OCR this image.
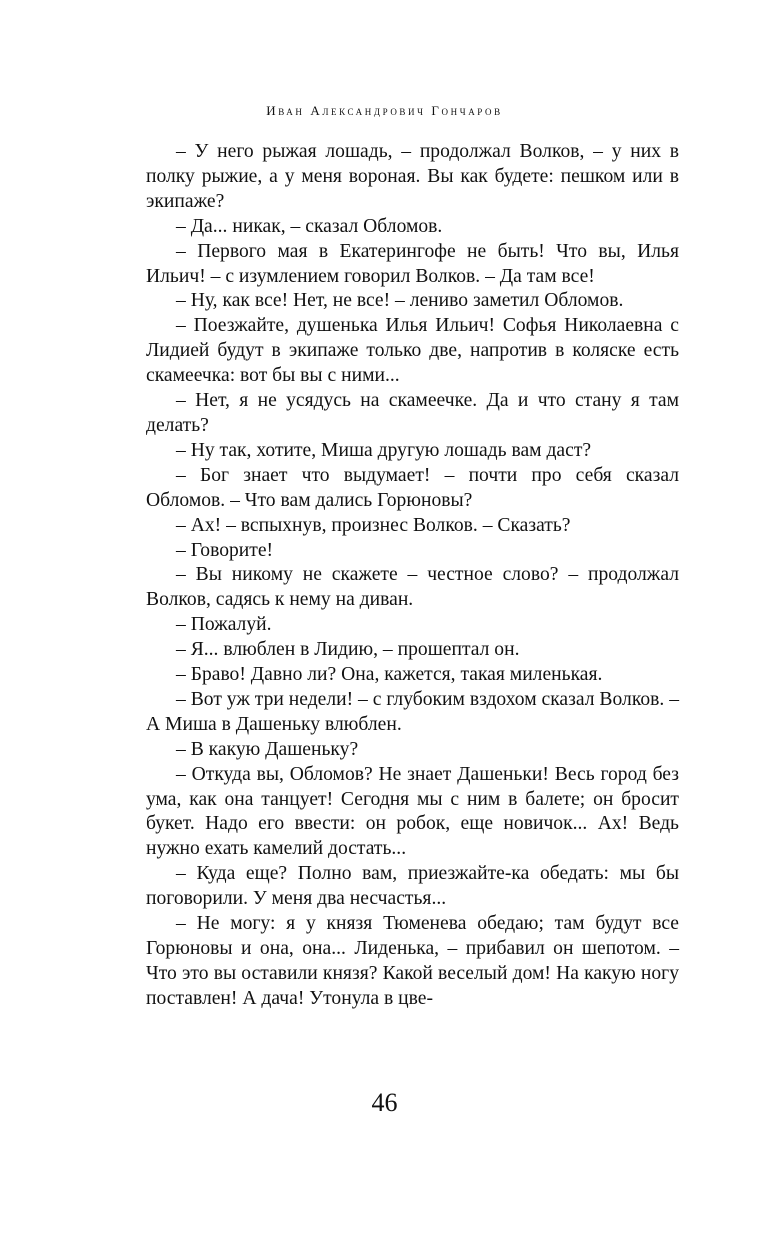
Иван Александрович Гончаров

– У него рыжая лошадь, – продолжал Волков, – у них в полку рыжие, а у меня вороная. Вы как будете: пешком или в экипаже?

– Да... никак, – сказал Обломов.

– Первого мая в Екатерингофе не быть! Что вы, Илья Ильич! – с изумлением говорил Волков. – Да там все!

– Ну, как все! Нет, не все! – лениво заметил Обломов.

– Поезжайте, душенька Илья Ильич! Софья Николаевна с Лидией будут в экипаже только две, напротив в коляске есть скамеечка: вот бы вы с ними...

– Нет, я не усядусь на скамеечке. Да и что стану я там делать?

– Ну так, хотите, Миша другую лошадь вам даст?

– Бог знает что выдумает! – почти про себя сказал Обломов. – Что вам дались Горюновы?

– Ах! – вспыхнув, произнес Волков. – Сказать?

– Говорите!

– Вы никому не скажете – честное слово? – продолжал Волков, садясь к нему на диван.

– Пожалуй.

– Я... влюблен в Лидию, – прошептал он.

– Браво! Давно ли? Она, кажется, такая миленькая.

– Вот уж три недели! – с глубоким вздохом сказал Волков. – А Миша в Дашеньку влюблен.

– В какую Дашеньку?

– Откуда вы, Обломов? Не знает Дашеньки! Весь город без ума, как она танцует! Сегодня мы с ним в балете; он бросит букет. Надо его ввести: он робок, еще новичок... Ах! Ведь нужно ехать камелий достать...

– Куда еще? Полно вам, приезжайте-ка обедать: мы бы поговорили. У меня два несчастья...

– Не могу: я у князя Тюменева обедаю; там будут все Горюновы и она, она... Лиденька, – прибавил он шепотом. – Что это вы оставили князя? Какой веселый дом! На какую ногу поставлен! А дача! Утонула в цве-

46
